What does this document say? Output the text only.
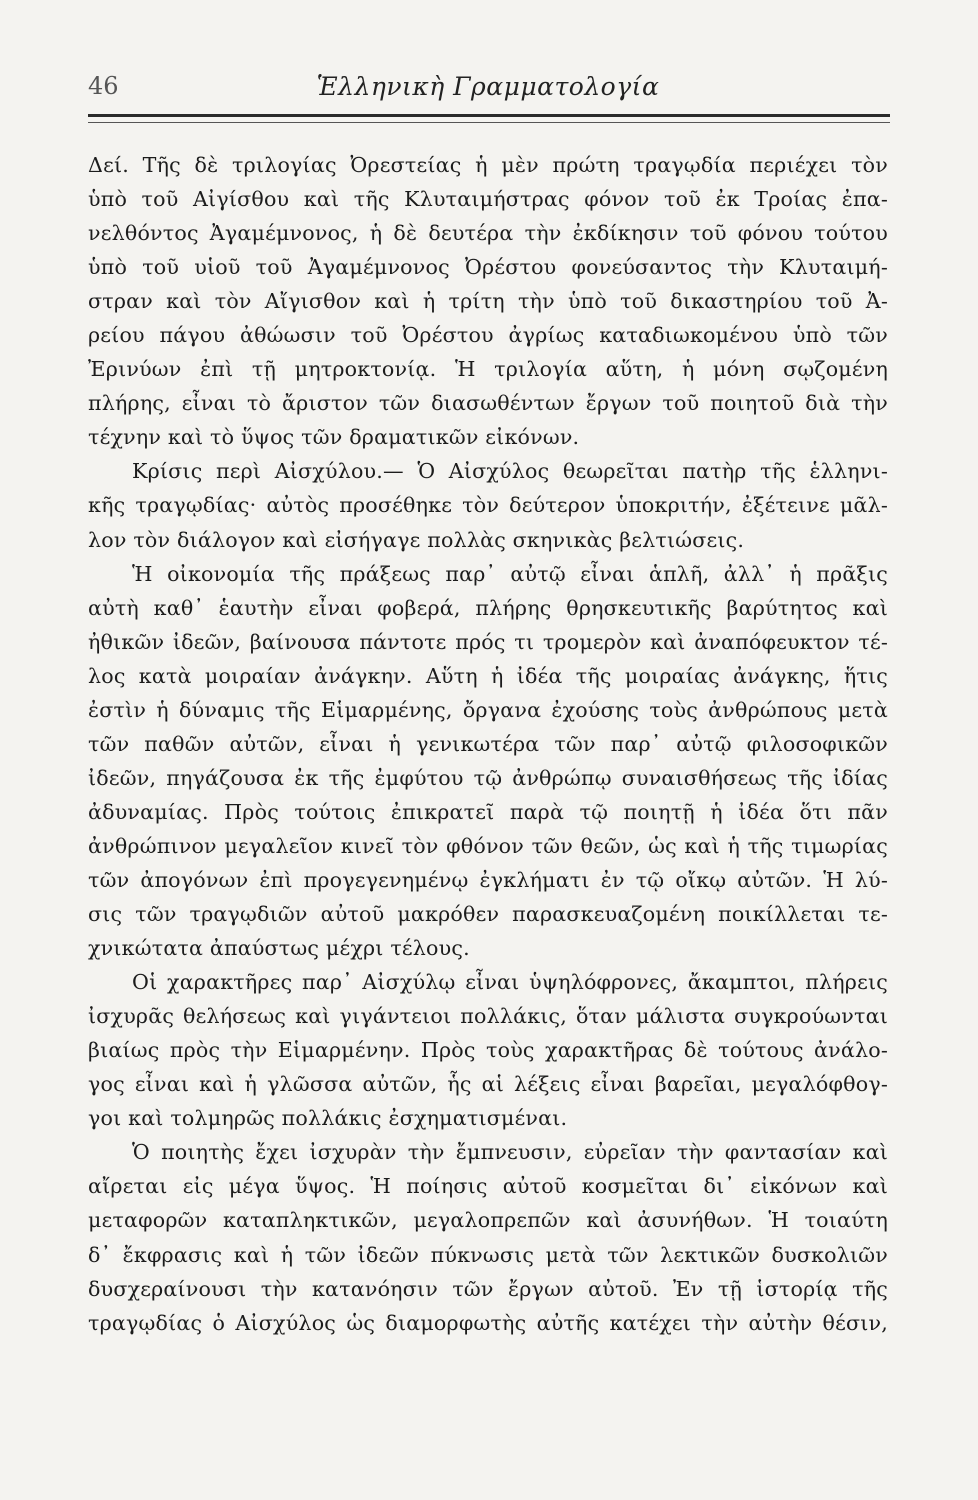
46	Ἑλληνικὴ Γραμματολογία
Δεί. Τῆς δὲ τριλογίας Ὀρεστείας ἡ μὲν πρώτη τραγῳδία περιέχει τὸν
ὑπὸ τοῦ Αἰγίσθου καὶ τῆς Κλυταιμήστρας φόνον τοῦ ἐκ Τροίας ἐπα-
νελθόντος Ἀγαμέμνονος, ἡ δὲ δευτέρα τὴν ἐκδίκησιν τοῦ φόνου τούτου
ὑπὸ τοῦ υἱοῦ τοῦ Ἀγαμέμνονος Ὀρέστου φονεύσαντος τὴν Κλυταιμή-
στραν καὶ τὸν Αἴγισθον καὶ ἡ τρίτη τὴν ὑπὸ τοῦ δικαστηρίου τοῦ Ἀ-
ρείου πάγου ἀθώωσιν τοῦ Ὀρέστου ἀγρίως καταδιωκομένου ὑπὸ τῶν
Ἐρινύων ἐπὶ τῇ μητροκτονίᾳ. Ἡ τριλογία αὕτη, ἡ μόνη σῳζομένη
πλήρης, εἶναι τὸ ἄριστον τῶν διασωθέντων ἔργων τοῦ ποιητοῦ διὰ τὴν
τέχνην καὶ τὸ ὕψος τῶν δραματικῶν εἰκόνων.
Κρίσις περὶ Αἰσχύλου.— Ὁ Αἰσχύλος θεωρεῖται πατὴρ τῆς ἑλληνι-
κῆς τραγῳδίας· αὐτὸς προσέθηκε τὸν δεύτερον ὑποκριτήν, ἐξέτεινε μᾶλ-
λον τὸν διάλογον καὶ εἰσήγαγε πολλὰς σκηνικὰς βελτιώσεις.
Ἡ οἰκονομία τῆς πράξεως παρ᾽ αὐτῷ εἶναι ἁπλῆ, ἀλλ᾽ ἡ πρᾶξις
αὐτὴ καθ᾽ ἑαυτὴν εἶναι φοβερά, πλήρης θρησκευτικῆς βαρύτητος καὶ
ἠθικῶν ἰδεῶν, βαίνουσα πάντοτε πρός τι τρομερὸν καὶ ἀναπόφευκτον τέ-
λος κατὰ μοιραίαν ἀνάγκην. Αὕτη ἡ ἰδέα τῆς μοιραίας ἀνάγκης, ἥτις
ἐστὶν ἡ δύναμις τῆς Εἱμαρμένης, ὄργανα ἐχούσης τοὺς ἀνθρώπους μετὰ
τῶν παθῶν αὐτῶν, εἶναι ἡ γενικωτέρα τῶν παρ᾽ αὐτῷ φιλοσοφικῶν
ἰδεῶν, πηγάζουσα ἐκ τῆς ἐμφύτου τῷ ἀνθρώπῳ συναισθήσεως τῆς ἰδίας
ἀδυναμίας. Πρὸς τούτοις ἐπικρατεῖ παρὰ τῷ ποιητῇ ἡ ἰδέα ὅτι πᾶν
ἀνθρώπινον μεγαλεῖον κινεῖ τὸν φθόνον τῶν θεῶν, ὡς καὶ ἡ τῆς τιμωρίας
τῶν ἀπογόνων ἐπὶ προγεγενημένῳ ἐγκλήματι ἐν τῷ οἴκῳ αὐτῶν. Ἡ λύ-
σις τῶν τραγῳδιῶν αὐτοῦ μακρόθεν παρασκευαζομένη ποικίλλεται τε-
χνικώτατα ἀπαύστως μέχρι τέλους.
Οἱ χαρακτῆρες παρ᾽ Αἰσχύλῳ εἶναι ὑψηλόφρονες, ἄκαμπτοι, πλήρεις
ἰσχυρᾶς θελήσεως καὶ γιγάντειοι πολλάκις, ὅταν μάλιστα συγκρούωνται
βιαίως πρὸς τὴν Εἱμαρμένην. Πρὸς τοὺς χαρακτῆρας δὲ τούτους ἀνάλο-
γος εἶναι καὶ ἡ γλῶσσα αὐτῶν, ἧς αἱ λέξεις εἶναι βαρεῖαι, μεγαλόφθογ-
γοι καὶ τολμηρῶς πολλάκις ἐσχηματισμέναι.
Ὁ ποιητὴς ἔχει ἰσχυρὰν τὴν ἔμπνευσιν, εὐρεῖαν τὴν φαντασίαν καὶ
αἴρεται εἰς μέγα ὕψος. Ἡ ποίησις αὐτοῦ κοσμεῖται δι᾽ εἰκόνων καὶ
μεταφορῶν καταπληκτικῶν, μεγαλοπρεπῶν καὶ ἀσυνήθων. Ἡ τοιαύτη
δ᾽ ἔκφρασις καὶ ἡ τῶν ἰδεῶν πύκνωσις μετὰ τῶν λεκτικῶν δυσκολιῶν
δυσχεραίνουσι τὴν κατανόησιν τῶν ἔργων αὐτοῦ. Ἐν τῇ ἱστορίᾳ τῆς
τραγῳδίας ὁ Αἰσχύλος ὡς διαμορφωτὴς αὐτῆς κατέχει τὴν αὐτὴν θέσιν,
